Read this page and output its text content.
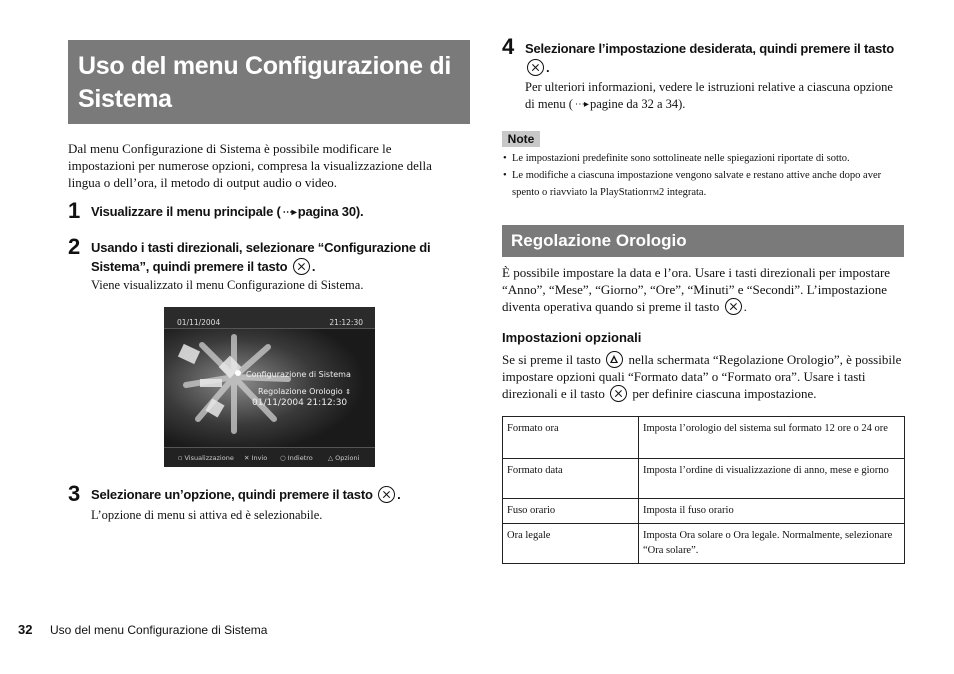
Uso del menu Configurazione di Sistema
Dal menu Configurazione di Sistema è possibile modificare le impostazioni per numerose opzioni, compresa la visualizzazione della lingua o dell’ora, il metodo di output audio o video.
1 Visualizzare il menu principale ( ⋯▸ pagina 30).
2 Usando i tasti direzionali, selezionare “Configurazione di Sistema”, quindi premere il tasto .
Viene visualizzato il menu Configurazione di Sistema.
01/11/2004	21:12:30
Configurazione di Sistema
Regolazione Orologio ⇕
01/11/2004 21:12:30
▫ Visualizzazione ✕ Invio ○ Indietro △ Opzioni
3 Selezionare un’opzione, quindi premere il tasto .
L’opzione di menu si attiva ed è selezionabile.
4 Selezionare l’impostazione desiderata, quindi premere il tasto .
Per ulteriori informazioni, vedere le istruzioni relative a ciascuna opzione di menu ( ⋯▸ pagine da 32 a 34).
Note
• Le impostazioni predefinite sono sottolineate nelle spiegazioni riportate di sotto.
• Le modifiche a ciascuna impostazione vengono salvate e restano attive anche dopo aver spento o riavviato la PlayStationTM2 integrata.
Regolazione Orologio
È possibile impostare la data e l’ora. Usare i tasti direzionali per impostare “Anno”, “Mese”, “Giorno”, “Ore”, “Minuti” e “Secondi”. L’impostazione diventa operativa quando si preme il tasto .
Impostazioni opzionali
Se si preme il tasto nella schermata “Regolazione Orologio”, è possibile impostare opzioni quali “Formato data” o “Formato ora”. Usare i tasti direzionali e il tasto per definire ciascuna impostazione.
Formato ora	Imposta l’orologio del sistema sul formato 12 ore o 24 ore
Formato data	Imposta l’ordine di visualizzazione di anno, mese e giorno
Fuso orario	Imposta il fuso orario
Ora legale	Imposta Ora solare o Ora legale. Normalmente, selezionare “Ora solare”.
32 Uso del menu Configurazione di Sistema
